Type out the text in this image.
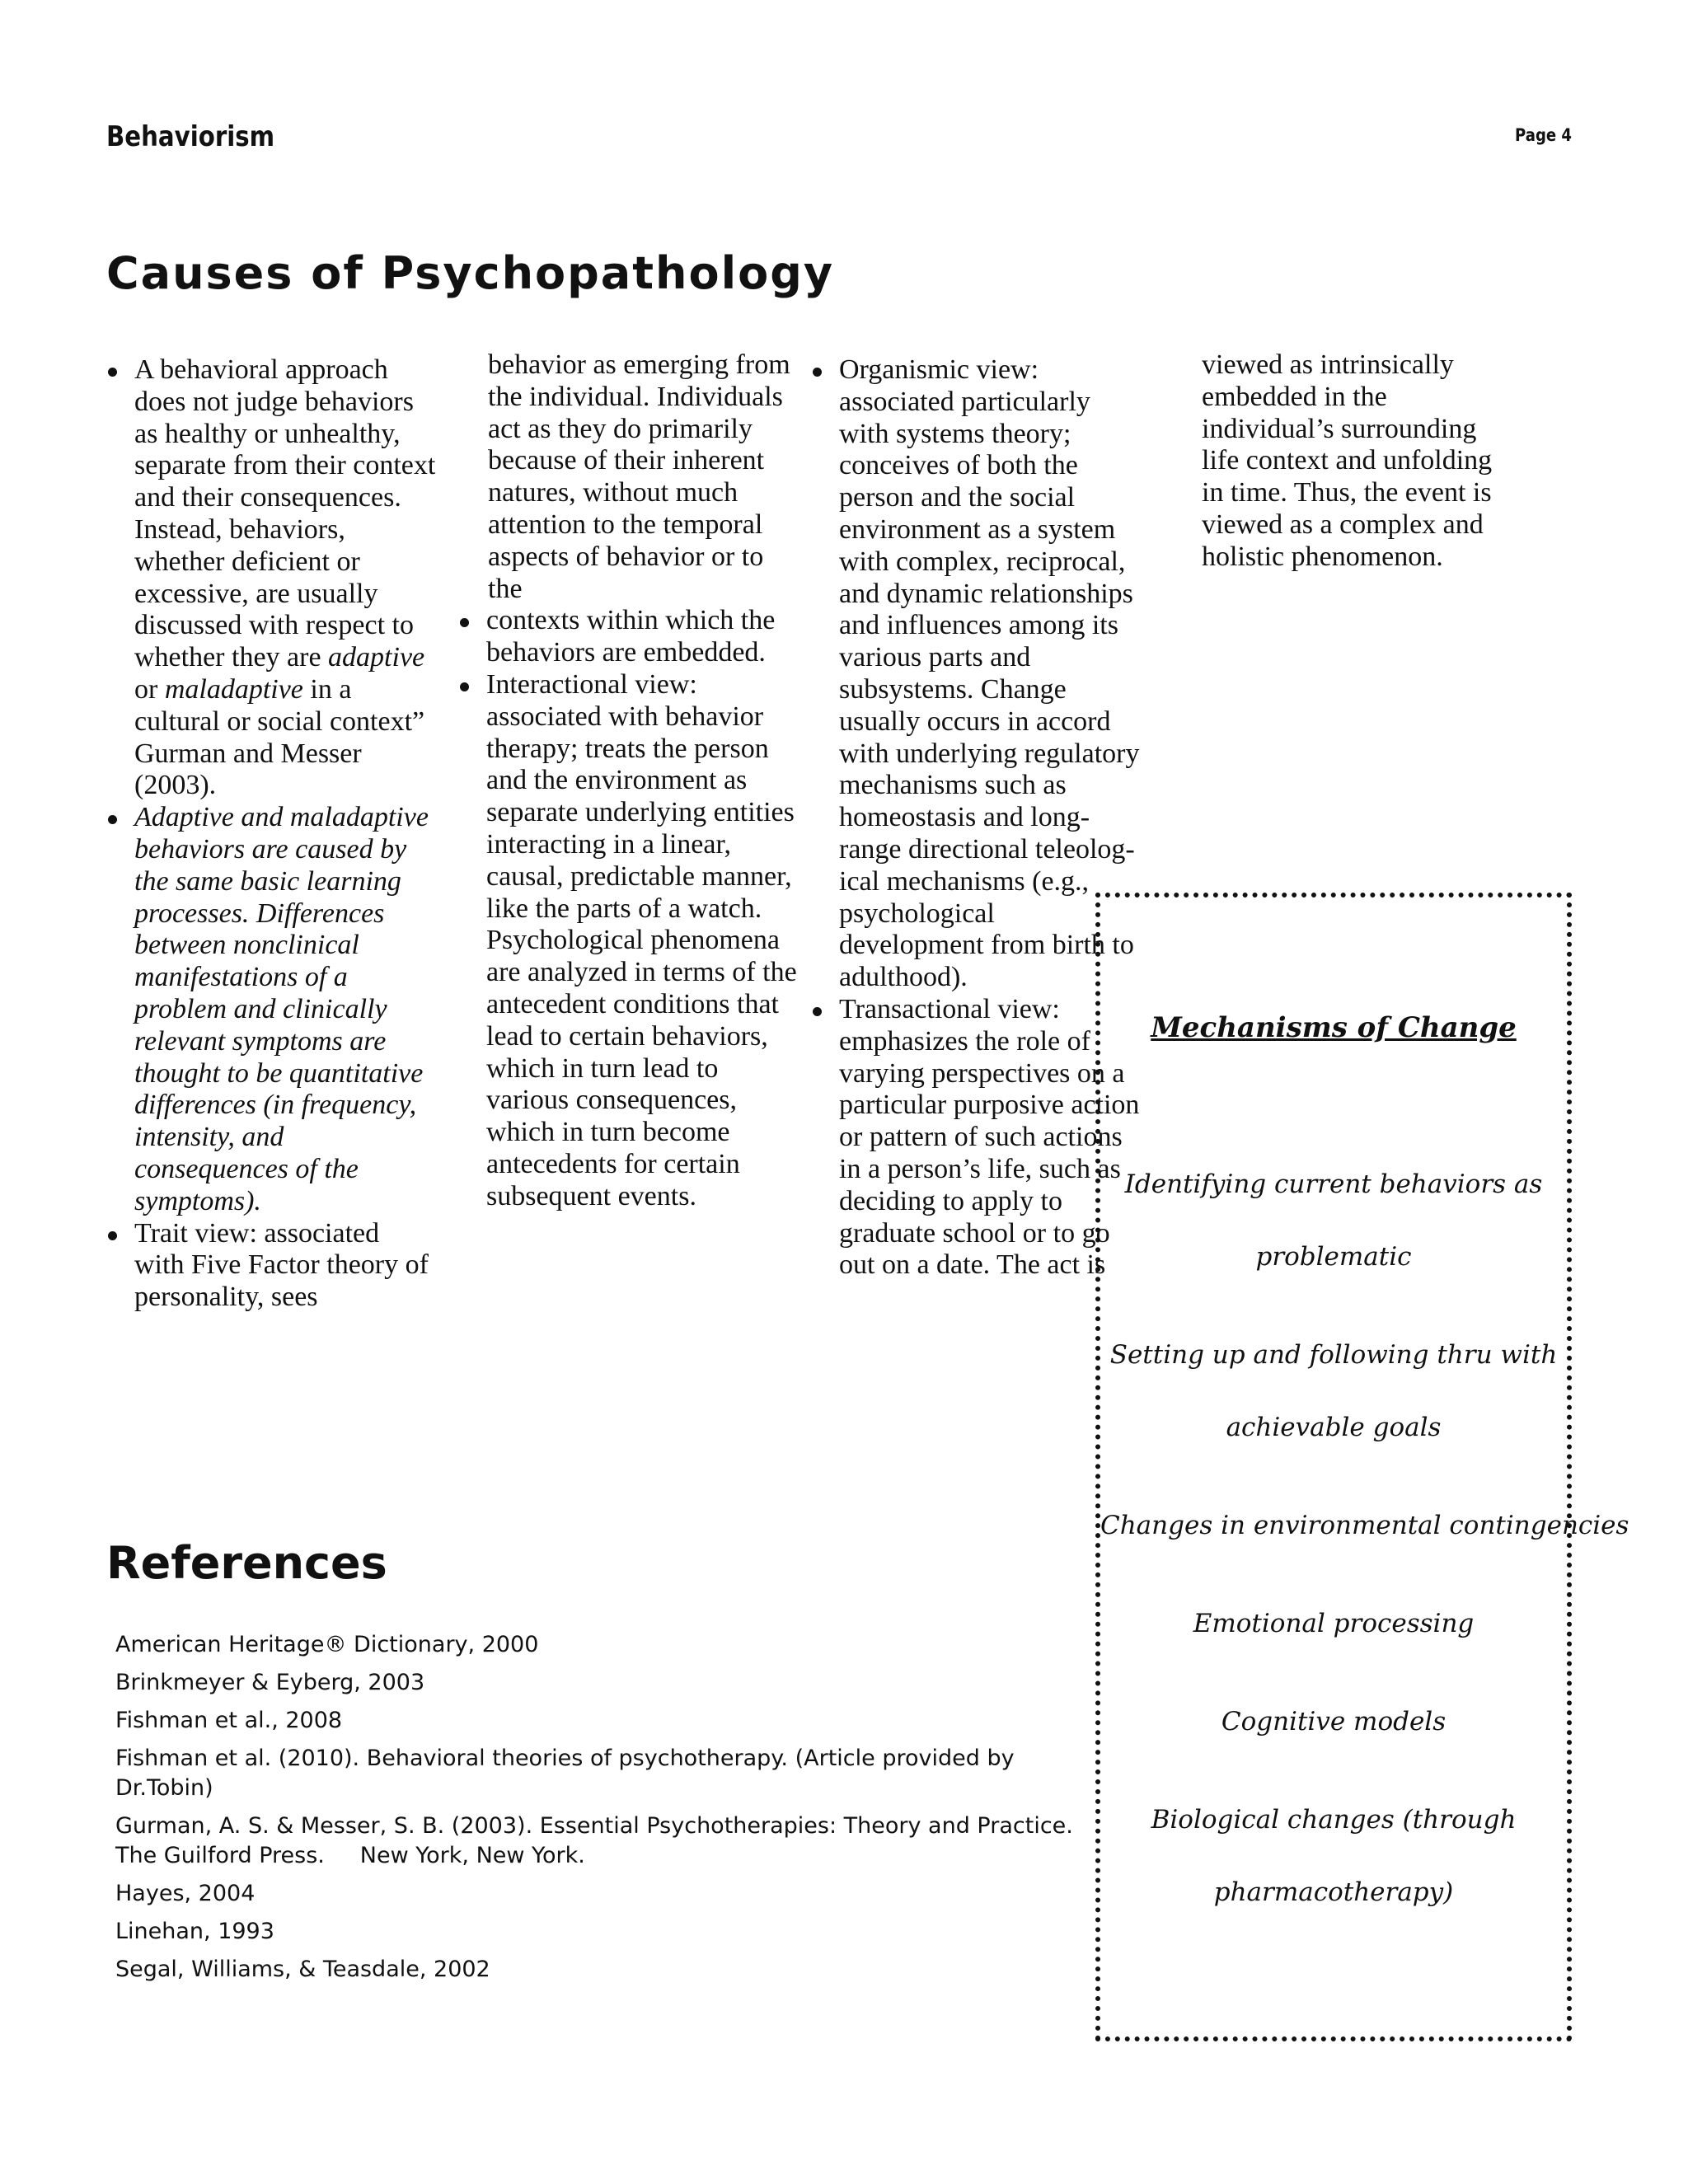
Behaviorism	Page 4
Causes of Psychopathology

A behavioral approach does not judge behaviors as healthy or unhealthy, separate from their context and their consequences. Instead, behaviors, whether deficient or excessive, are usually discussed with respect to whether they are adaptive or maladaptive in a cultural or social context” Gurman and Messer (2003).

Adaptive and maladaptive behaviors are caused by the same basic learning processes. Differences between nonclinical manifestations of a problem and clinically relevant symptoms are thought to be quantitative differences (in frequency, intensity, and consequences of the symptoms).

Trait view: associated with Five Factor theory of personality, sees

behavior as emerging from the individual. Individuals act as they do primarily because of their inherent natures, without much attention to the temporal aspects of behavior or to the

contexts within which the behaviors are embedded.

Interactional view: associated with behavior therapy; treats the person and the environment as separate underlying entities interacting in a linear, causal, predictable manner, like the parts of a watch. Psychological phenomena are analyzed in terms of the antecedent conditions that lead to certain behaviors, which in turn lead to various consequences, which in turn become antecedents for certain subsequent events.

Organismic view: associated particularly with systems theory; conceives of both the person and the social environment as a system with complex, reciprocal, and dynamic relationships and influences among its various parts and subsystems. Change usually occurs in accord with underlying regulatory mechanisms such as homeostasis and long-range directional teleolog-ical mechanisms (e.g., psychological development from birth to adulthood).

Transactional view: emphasizes the role of varying perspectives on a particular purposive action or pattern of such actions in a person’s life, such as deciding to apply to graduate school or to go out on a date. The act is

viewed as intrinsically embedded in the individual’s surrounding life context and unfolding in time. Thus, the event is viewed as a complex and holistic phenomenon.

Mechanisms of Change
Identifying current behaviors as
problematic
Setting up and following thru with
achievable goals
Changes in environmental contingencies
Emotional processing
Cognitive models
Biological changes (through
pharmacotherapy)
References

American Heritage® Dictionary, 2000

Brinkmeyer & Eyberg, 2003

Fishman et al., 2008

Fishman et al. (2010). Behavioral theories of psychotherapy. (Article provided by Dr.Tobin)

Gurman, A. S. & Messer, S. B. (2003). Essential Psychotherapies: Theory and Practice. The Guilford Press.     New York, New York.

Hayes, 2004

Linehan, 1993

Segal, Williams, & Teasdale, 2002
